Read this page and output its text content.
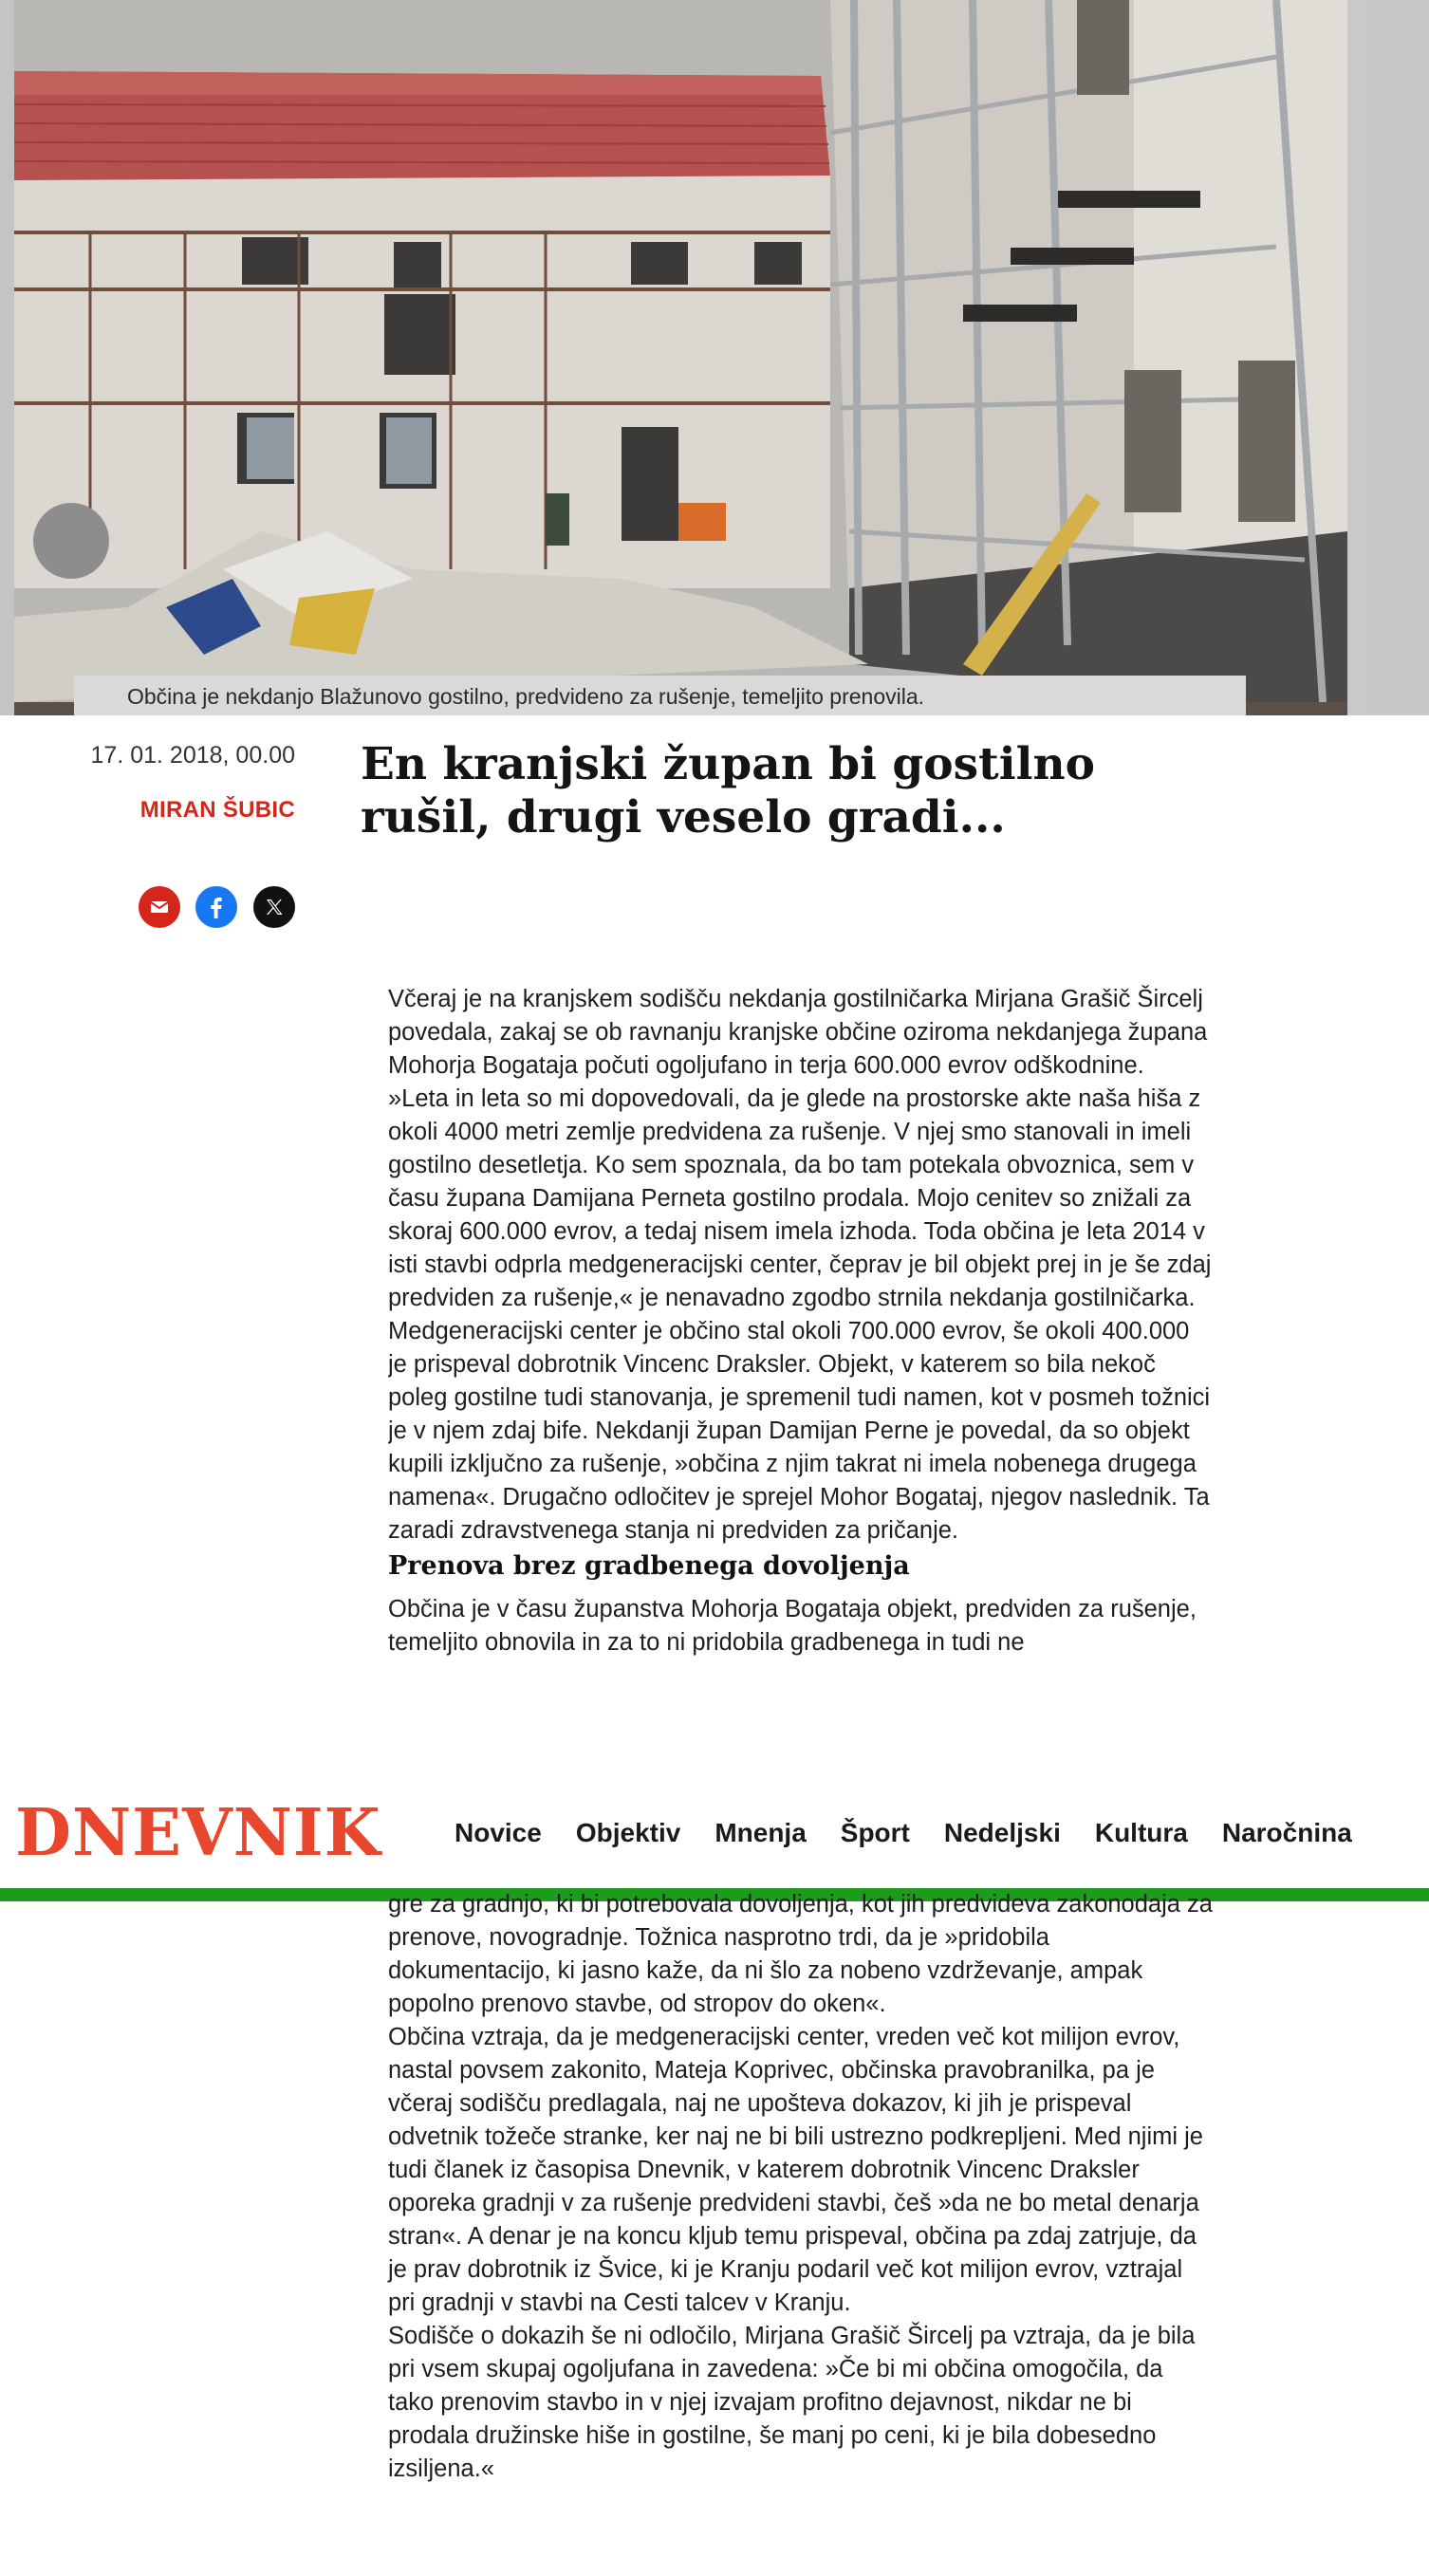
Občina je nekdanjo Blažunovo gostilno, predvideno za rušenje, temeljito prenovila.
17. 01. 2018, 00.00
MIRAN ŠUBIC
En kranjski župan bi gostilno rušil, drugi veselo gradi...

Včeraj je na kranjskem sodišču nekdanja gostilničarka Mirjana Grašič Šircelj povedala, zakaj se ob ravnanju kranjske občine oziroma nekdanjega župana Mohorja Bogataja počuti ogoljufano in terja 600.000 evrov odškodnine.

»Leta in leta so mi dopovedovali, da je glede na prostorske akte naša hiša z okoli 4000 metri zemlje predvidena za rušenje. V njej smo stanovali in imeli gostilno desetletja. Ko sem spoznala, da bo tam potekala obvoznica, sem v času župana Damijana Perneta gostilno prodala. Mojo cenitev so znižali za skoraj 600.000 evrov, a tedaj nisem imela izhoda. Toda občina je leta 2014 v isti stavbi odprla medgeneracijski center, čeprav je bil objekt prej in je še zdaj predviden za rušenje,« je nenavadno zgodbo strnila nekdanja gostilničarka.

Medgeneracijski center je občino stal okoli 700.000 evrov, še okoli 400.000 je prispeval dobrotnik Vincenc Draksler. Objekt, v katerem so bila nekoč poleg gostilne tudi stanovanja, je spremenil tudi namen, kot v posmeh tožnici je v njem zdaj bife. Nekdanji župan Damijan Perne je povedal, da so objekt kupili izključno za rušenje, »občina z njim takrat ni imela nobenega drugega namena«. Drugačno odločitev je sprejel Mohor Bogataj, njegov naslednik. Ta zaradi zdravstvenega stanja ni predviden za pričanje.

Prenova brez gradbenega dovoljenja

Občina je v času županstva Mohorja Bogataja objekt, predviden za rušenje, temeljito obnovila in za to ni pridobila gradbenega in tudi ne

DNEVNIK	Novice Objektiv Mnenja Šport Nedeljski Kultura Naročnina

gre za gradnjo, ki bi potrebovala dovoljenja, kot jih predvideva zakonodaja za prenove, novogradnje. Tožnica nasprotno trdi, da je »pridobila dokumentacijo, ki jasno kaže, da ni šlo za nobeno vzdrževanje, ampak popolno prenovo stavbe, od stropov do oken«.

Občina vztraja, da je medgeneracijski center, vreden več kot milijon evrov, nastal povsem zakonito, Mateja Koprivec, občinska pravobranilka, pa je včeraj sodišču predlagala, naj ne upošteva dokazov, ki jih je prispeval odvetnik tožeče stranke, ker naj ne bi bili ustrezno podkrepljeni. Med njimi je tudi članek iz časopisa Dnevnik, v katerem dobrotnik Vincenc Draksler oporeka gradnji v za rušenje predvideni stavbi, češ »da ne bo metal denarja stran«. A denar je na koncu kljub temu prispeval, občina pa zdaj zatrjuje, da je prav dobrotnik iz Švice, ki je Kranju podaril več kot milijon evrov, vztrajal pri gradnji v stavbi na Cesti talcev v Kranju.

Sodišče o dokazih še ni odločilo, Mirjana Grašič Šircelj pa vztraja, da je bila pri vsem skupaj ogoljufana in zavedena: »Če bi mi občina omogočila, da tako prenovim stavbo in v njej izvajam profitno dejavnost, nikdar ne bi prodala družinske hiše in gostilne, še manj po ceni, ki je bila dobesedno izsiljena.«
